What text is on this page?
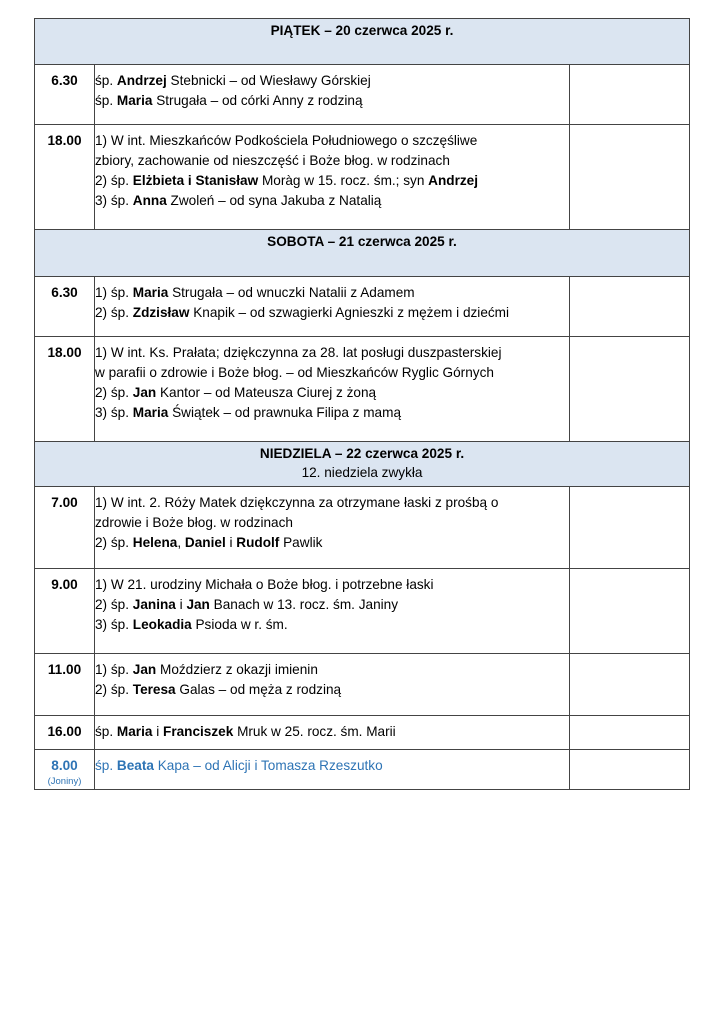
PIĄTEK – 20 czerwca 2025 r.		

6.30	śp. Andrzej Stebnicki – od Wiesławy Górskiej
śp. Maria Strugała – od córki Anny z rodziną	

18.00	1) W int. Mieszkańców Podkościela Południowego o szczęśliwe
zbiory, zachowanie od nieszczęść i Boże błog. w rodzinach
2) śp. Elżbieta i Stanisław Moràg w 15. rocz. śm.; syn Andrzej
3) śp. Anna Zwoleń – od syna Jakuba z Natalią	

SOBOTA – 21 czerwca 2025 r.		

6.30	1) śp. Maria Strugała – od wnuczki Natalii z Adamem
2) śp. Zdzisław Knapik – od szwagierki Agnieszki z mężem i dziećmi	

18.00	1) W int. Ks. Prałata; dziękczynna za 28. lat posługi duszpasterskiej
w parafii o zdrowie i Boże błog. – od Mieszkańców Ryglic Górnych
2) śp. Jan Kantor – od Mateusza Ciurej z żoną
3) śp. Maria Świątek – od prawnuka Filipa z mamą	

NIEDZIELA – 22 czerwca 2025 r.
12. niedziela zwykła		

7.00	1) W int. 2. Róży Matek dziękczynna za otrzymane łaski z prośbą o
zdrowie i Boże błog. w rodzinach
2) śp. Helena, Daniel i Rudolf Pawlik	

9.00	1) W 21. urodziny Michała o Boże błog. i potrzebne łaski
2) śp. Janina i Jan Banach w 13. rocz. śm. Janiny
3) śp. Leokadia Psioda w r. śm.	

11.00	1) śp. Jan Moździerz z okazji imienin
2) śp. Teresa Galas – od męża z rodziną	

16.00	śp. Maria i Franciszek Mruk w 25. rocz. śm. Marii	

8.00
(Joniny)	śp. Beata Kapa – od Alicji i Tomasza Rzeszutko	
